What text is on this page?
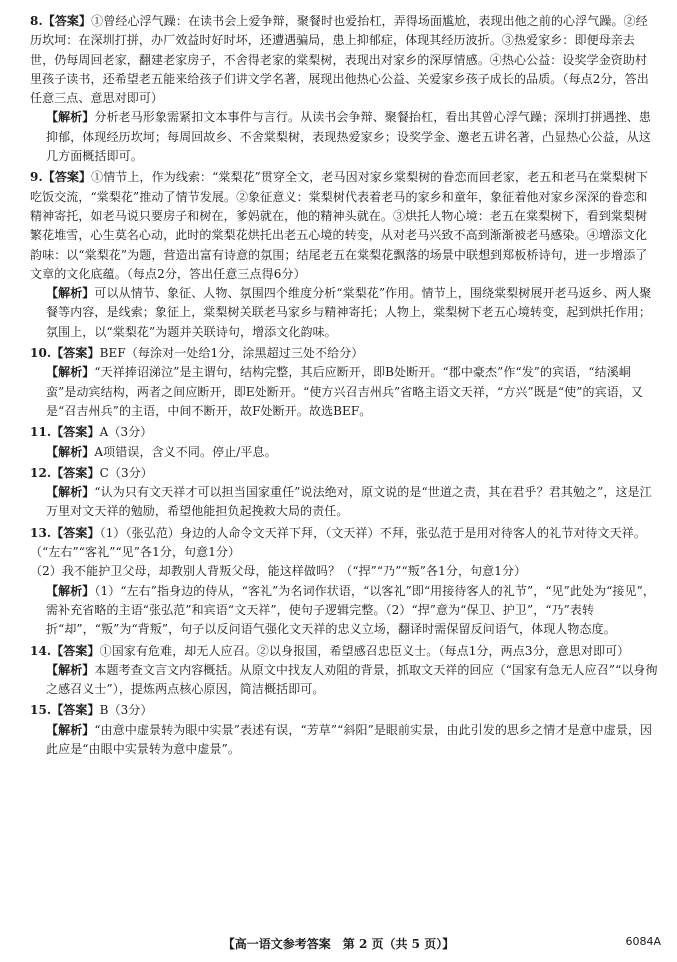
8.【答案】①曾经心浮气躁：在读书会上爱争辩，聚餐时也爱抬杠，弄得场面尴尬，表现出他之前的心浮气躁。②经历坎坷：在深圳打拼，办厂效益时好时坏，还遭遇骗局，患上抑郁症，体现其经历波折。③热爱家乡：即便母亲去世，仍每周回老家，翻建老家房子，不舍得老家的棠梨树，表现出对家乡的深厚情感。④热心公益：设奖学金资助村里孩子读书，还希望老五能来给孩子们讲文学名著，展现出他热心公益、关爱家乡孩子成长的品质。（每点2分，答出任意三点、意思对即可）
【解析】分析老马形象需紧扣文本事件与言行。从读书会争辩、聚餐抬杠，看出其曾心浮气躁；深圳打拼遇挫、患抑郁，体现经历坎坷；每周回故乡、不舍棠梨树，表现热爱家乡；设奖学金、邀老五讲名著，凸显热心公益，从这几方面概括即可。
9.【答案】①情节上，作为线索：“棠梨花”贯穿全文，老马因对家乡棠梨树的眷恋而回老家，老五和老马在棠梨树下吃饭交流，“棠梨花”推动了情节发展。②象征意义：棠梨树代表着老马的家乡和童年，象征着他对家乡深深的眷恋和精神寄托，如老马说只要房子和树在，爹妈就在，他的精神头就在。③烘托人物心境：老五在棠梨树下，看到棠梨树繁花堆雪，心生莫名心动，此时的棠梨花烘托出老五心境的转变，从对老马兴致不高到渐渐被老马感染。④增添文化韵味：以“棠梨花”为题，营造出富有诗意的氛围；结尾老五在棠梨花飘落的场景中联想到郑板桥诗句，进一步增添了文章的文化底蕴。（每点2分，答出任意三点得6分）
【解析】可以从情节、象征、人物、氛围四个维度分析“棠梨花”作用。情节上，围绕棠梨树展开老马返乡、两人聚餐等内容，是线索；象征上，棠梨树关联老马家乡与精神寄托；人物上，棠梨树下老五心境转变，起到烘托作用；氛围上，以“棠梨花”为题并关联诗句，增添文化韵味。
10.【答案】BEF（每涂对一处给1分，涂黑超过三处不给分）
【解析】“天祥捧诏涕泣”是主谓句，结构完整，其后应断开，即B处断开。“郡中豪杰”作“发”的宾语，“结溪峒蛮”是动宾结构，两者之间应断开，即E处断开。“使方兴召吉州兵”省略主语文天祥，“方兴”既是“使”的宾语，又是“召吉州兵”的主语，中间不断开，故F处断开。故选BEF。
11.【答案】A（3分）
【解析】A项错误，含义不同。停止/平息。
12.【答案】C（3分）
【解析】“认为只有文天祥才可以担当国家重任”说法绝对，原文说的是“世道之责，其在君乎？君其勉之”，这是江万里对文天祥的勉励，希望他能担负起挽救大局的责任。
13.【答案】（1）（张弘范）身边的人命令文天祥下拜，（文天祥）不拜，张弘范于是用对待客人的礼节对待文天祥。（“左右”“客礼”“见”各1分，句意1分）
（2）我不能护卫父母，却教别人背叛父母，能这样做吗？（“捍”“乃”“叛”各1分，句意1分）
【解析】（1）“左右”指身边的侍从，“客礼”为名词作状语，“以客礼”即“用接待客人的礼节”，“见”此处为“接见”，需补充省略的主语“张弘范”和宾语“文天祥”，使句子逻辑完整。（2）“捍”意为“保卫、护卫”，“乃”表转折“却”，“叛”为“背叛”，句子以反问语气强化文天祥的忠义立场，翻译时需保留反问语气，体现人物态度。
14.【答案】①国家有危难，却无人应召。②以身报国，希望感召忠臣义士。（每点1分，两点3分，意思对即可）
【解析】本题考查文言文内容概括。从原文中找友人劝阻的背景，抓取文天祥的回应（“国家有急无人应召”“以身徇之感召义士”），提炼两点核心原因，简洁概括即可。
15.【答案】B（3分）
【解析】“由意中虚景转为眼中实景”表述有误，“芳草”“斜阳”是眼前实景，由此引发的思乡之情才是意中虚景，因此应是“由眼中实景转为意中虚景”。
【高一语文参考答案　第 2 页（共 5 页）】	6084A
